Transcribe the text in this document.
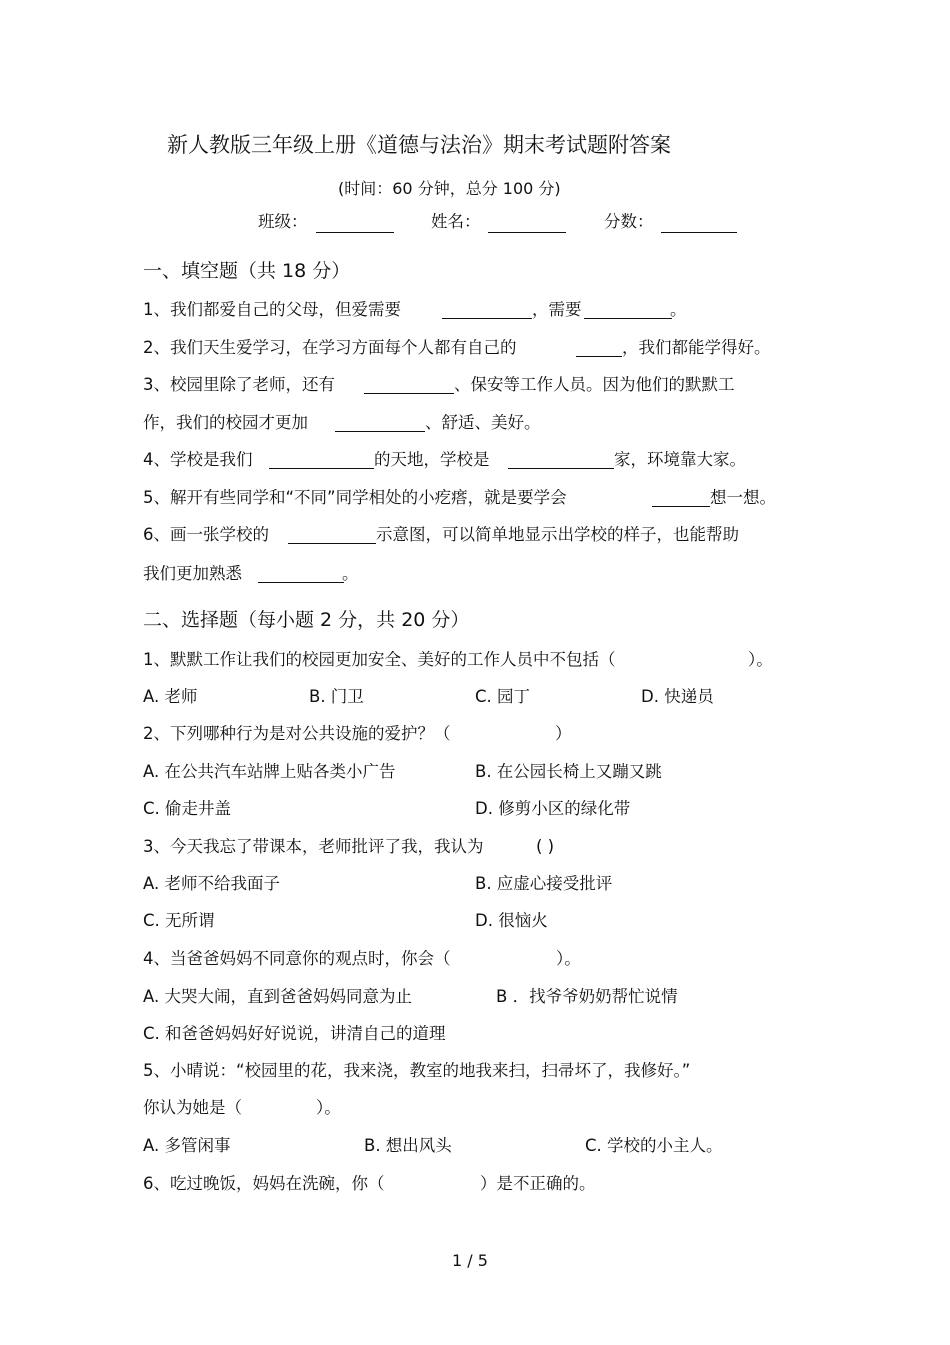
新人教版三年级上册《道德与法治》期末考试题附答案
(时间：60 分钟，总分 100 分)
班级：	姓名：	分数：
一、填空题（共 18 分）
1、我们都爱自己的父母，但爱需要	，需要	。
2、我们天生爱学习，在学习方面每个人都有自己的	，我们都能学得好。
3、校园里除了老师，还有	、保安等工作人员。因为他们的默默工
作，我们的校园才更加	、舒适、美好。
4、学校是我们	的天地，学校是	家，环境靠大家。
5、解开有些同学和“不同”同学相处的小疙瘩，就是要学会	想一想。
6、画一张学校的	示意图，可以简单地显示出学校的样子，也能帮助
我们更加熟悉	。
二、选择题（每小题 2 分，共 20 分）
1、默默工作让我们的校园更加安全、美好的工作人员中不包括（	）。
A. 老师	B. 门卫	C. 园丁	D. 快递员
2、下列哪种行为是对公共设施的爱护？（	）
A. 在公共汽车站牌上贴各类小广告	B. 在公园长椅上又蹦又跳
C. 偷走井盖	D. 修剪小区的绿化带
3、今天我忘了带课本，老师批评了我，我认为	( )
A. 老师不给我面子	B. 应虚心接受批评
C. 无所谓	D. 很恼火
4、当爸爸妈妈不同意你的观点时，你会（	）。
A. 大哭大闹，直到爸爸妈妈同意为止	B ．找爷爷奶奶帮忙说情
C. 和爸爸妈妈好好说说，讲清自己的道理
5、小晴说：“校园里的花，我来浇，教室的地我来扫，扫帚坏了，我修好。”
你认为她是（	）。
A. 多管闲事	B. 想出风头	C. 学校的小主人。
6、吃过晚饭，妈妈在洗碗，你（	）是不正确的。
1 / 5
